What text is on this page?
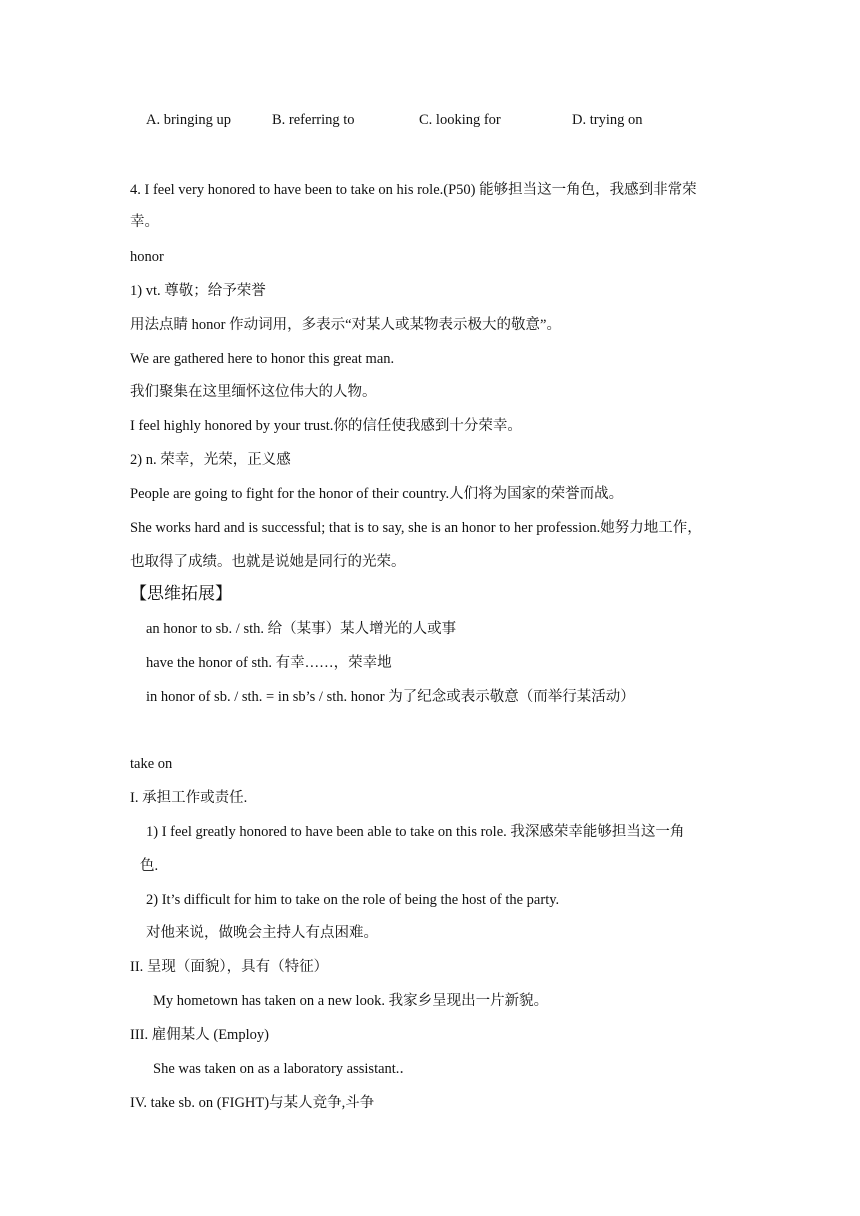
A. bringing up	B. referring to	C. looking for	D. trying on
4. I feel very honored to have been to take on his role.(P50) 能够担当这一角色，我感到非常荣
幸。
honor
1) vt. 尊敬；给予荣誉
用法点睛 honor 作动词用，多表示“对某人或某物表示极大的敬意”。
We are gathered here to honor this great man.
我们聚集在这里缅怀这位伟大的人物。
I feel highly honored by your trust.你的信任使我感到十分荣幸。
2) n. 荣幸，光荣，正义感
People are going to fight for the honor of their country.人们将为国家的荣誉而战。
She works hard and is successful; that is to say, she is an honor to her profession.她努力地工作，
也取得了成绩。也就是说她是同行的光荣。
【思维拓展】
an honor to sb. / sth. 给（某事）某人增光的人或事
have the honor of sth. 有幸……，荣幸地
in honor of sb. / sth. = in sb’s / sth. honor 为了纪念或表示敬意（而举行某活动）
take on
I. 承担工作或责任.
1) I feel greatly honored to have been able to take on this role. 我深感荣幸能够担当这一角
色.
2) It’s difficult for him to take on the role of being the host of the party.
对他来说，做晚会主持人有点困难。
II. 呈现（面貌），具有（特征）
My hometown has taken on a new look. 我家乡呈现出一片新貌。
III. 雇佣某人 (Employ)
She was taken on as a laboratory assistant.．
IV. take sb. on (FIGHT)与某人竞争,斗争
